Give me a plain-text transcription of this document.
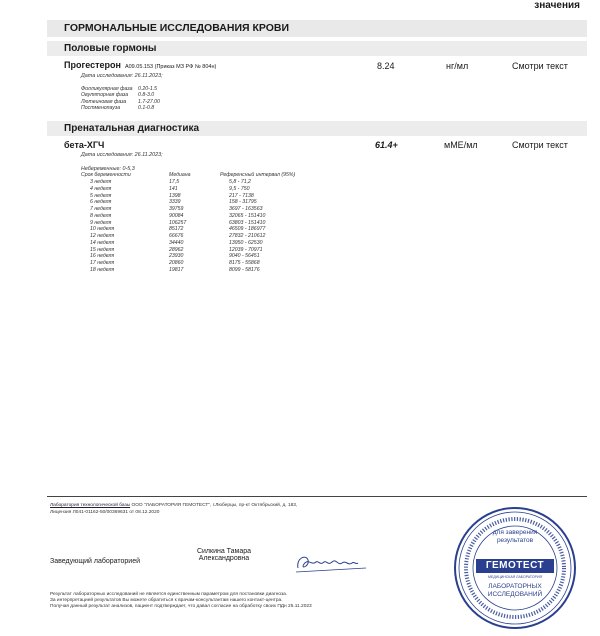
значения
ГОРМОНАЛЬНЫЕ ИССЛЕДОВАНИЯ КРОВИ
Половые гормоны
Прогестерон A09.05.153 (Приказ МЗ РФ № 804н)	8.24	нг/мл	Смотри текст
Дата исследования: 26.11.2023;
Фолликулярная фаза 0.20-1.5
Овуляторная фаза 0.8-3.0
Лютеиновая фаза 1.7-27.00
Постменопауза	0.1-0.8
Пренатальная диагностика
бета-ХГЧ	61.4+	мМЕ/мл	Смотри текст
Дата исследования: 26.11.2023;
Небеременные: 0-5,3
Срок беременности	Медиана	Референсный интервал (95%)
3 неделя	17,5	5,8 - 71,2
4 неделя	141	9,5 - 750
5 неделя	1398	217 - 7138
6 неделя	3339	158 - 31795
7 неделя	39759	3697 - 163563
8 неделя	90084	32065 - 151410
9 неделя	106257	63803 - 151410
10 неделя	85172	46509 - 186977
12 неделя	66676	27832 - 210612
14 неделя	34440	13950 - 62530
15 неделя	28962	12039 - 70971
16 неделя	23930	9040 - 56451
17 неделя	20860	8175 - 55868
18 неделя	19817	8099 - 58176
Лаборатория технологической базы ООО "ЛАБОРАТОРИЯ ГЕМОТЕСТ", г.Люберцы, пр-кт Октябрьский, д. 183,
Лицензия Л041-01162-50/00369631 от 08.12.2020
Заведующий лабораторией
Силкина Тамара
Александровна
Результат лабораторных исследований не является единственным параметром для постановки диагноза.
За интерпретацией результатов Вы можете обратиться к врачам-консультантам нашего контакт-центра.
Получая данный результат анализов, пациент подтверждает, что давал согласие на обработку своих ПДн 25.11.2023
для заверения
результатов
ГЕМОТЕСТ
МЕДИЦИНСКАЯ ЛАБОРАТОРИЯ
ЛАБОРАТОРНЫХ
ИССЛЕДОВАНИЙ
